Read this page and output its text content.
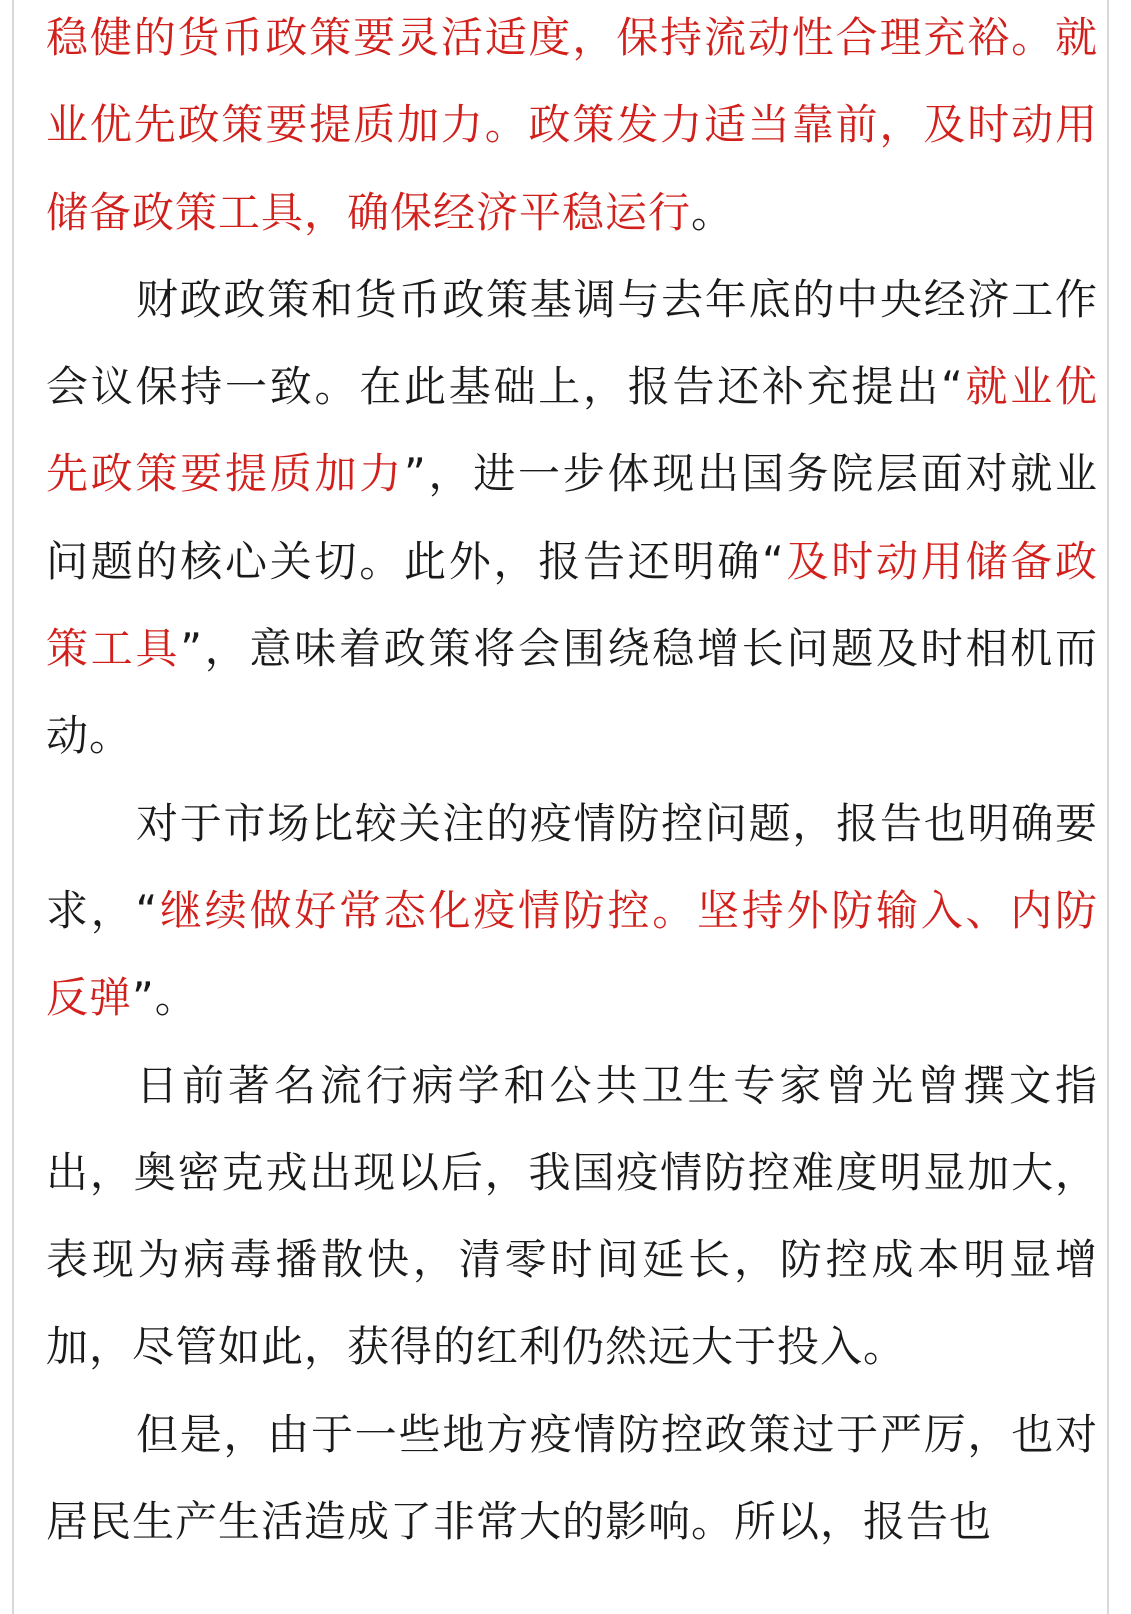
稳健的货币政策要灵活适度，保持流动性合理充裕。就业优先政策要提质加力。政策发力适当靠前，及时动用储备政策工具，确保经济平稳运行。

财政政策和货币政策基调与去年底的中央经济工作会议保持一致。在此基础上，报告还补充提出“就业优先政策要提质加力”，进一步体现出国务院层面对就业问题的核心关切。此外，报告还明确“及时动用储备政策工具”，意味着政策将会围绕稳增长问题及时相机而动。

对于市场比较关注的疫情防控问题，报告也明确要求，“继续做好常态化疫情防控。坚持外防输入、内防反弹”。

日前著名流行病学和公共卫生专家曾光曾撰文指出，奥密克戎出现以后，我国疫情防控难度明显加大，表现为病毒播散快，清零时间延长，防控成本明显增加，尽管如此，获得的红利仍然远大于投入。

但是，由于一些地方疫情防控政策过于严厉，也对居民生产生活造成了非常大的影响。所以，报告也
